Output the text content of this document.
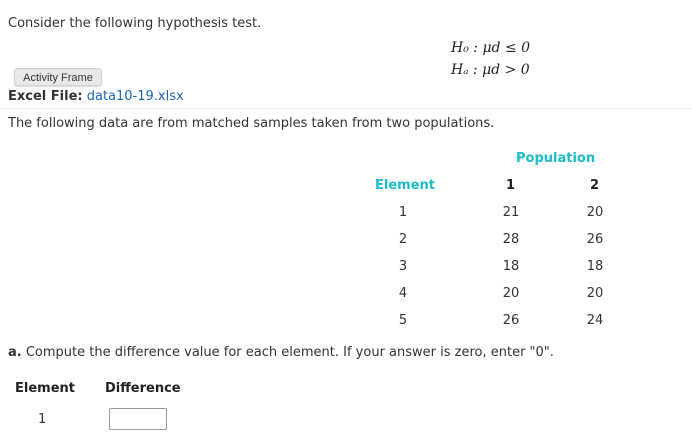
Consider the following hypothesis test.
H₀ : μd ≤ 0
Hₐ : μd > 0
Activity Frame
Excel File: data10-19.xlsx
The following data are from matched samples taken from two populations.
Population
Element	1	2
1	21	20
2	28	26
3	18	18
4	20	20
5	26	24
a. Compute the difference value for each element. If your answer is zero, enter "0".
Element Difference
1
